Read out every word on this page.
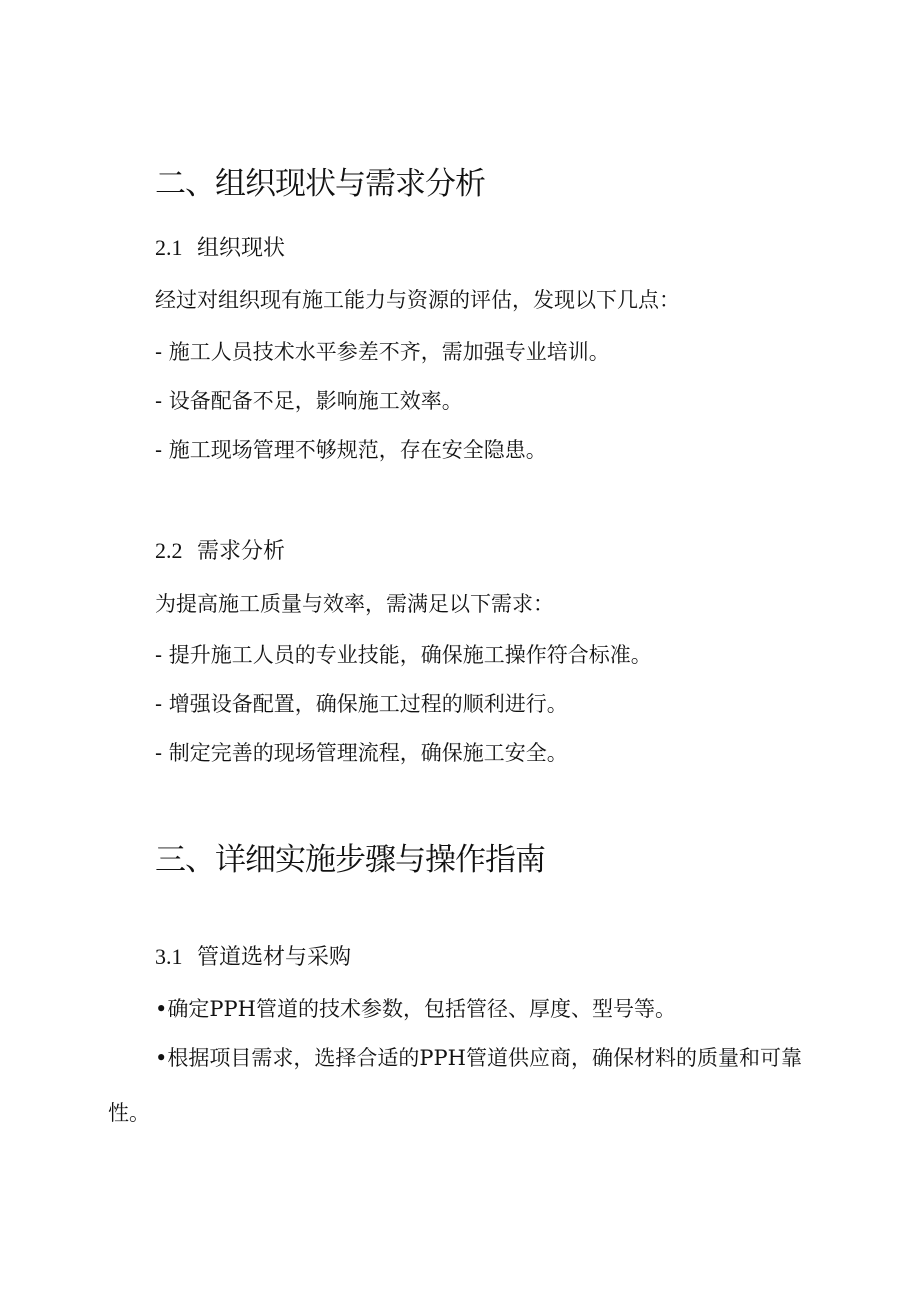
二、组织现状与需求分析
2.1 组织现状
经过对组织现有施工能力与资源的评估，发现以下几点：
- 施工人员技术水平参差不齐，需加强专业培训。
- 设备配备不足，影响施工效率。
- 施工现场管理不够规范，存在安全隐患。
2.2 需求分析
为提高施工质量与效率，需满足以下需求：
- 提升施工人员的专业技能，确保施工操作符合标准。
- 增强设备配置，确保施工过程的顺利进行。
- 制定完善的现场管理流程，确保施工安全。
三、详细实施步骤与操作指南
3.1 管道选材与采购
•确定PPH管道的技术参数，包括管径、厚度、型号等。
•根据项目需求，选择合适的PPH管道供应商，确保材料的质量和可靠性。
